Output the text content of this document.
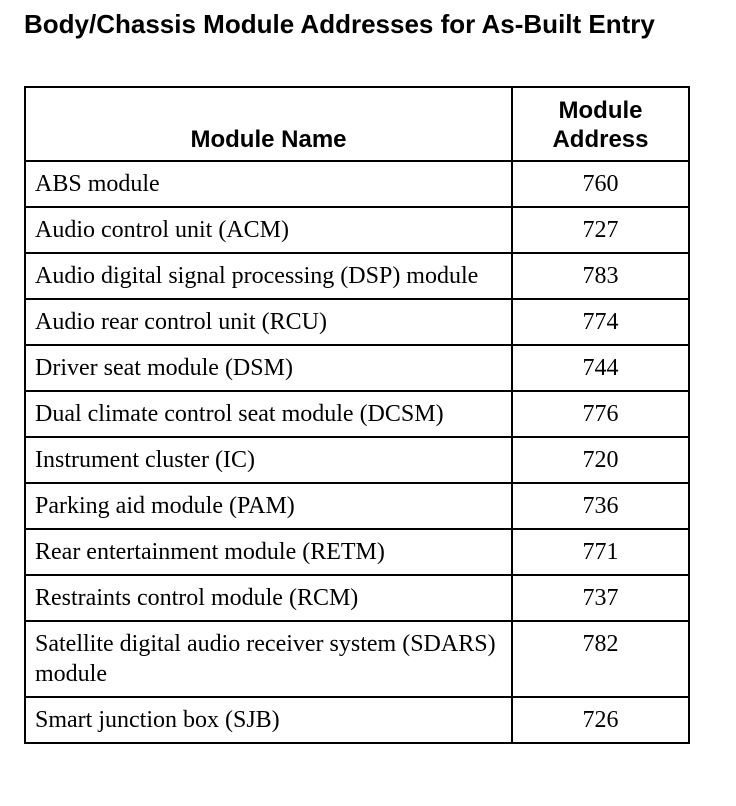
Body/Chassis Module Addresses for As-Built Entry
Module Name	Module
Address
ABS module	760
Audio control unit (ACM)	727
Audio digital signal processing (DSP) module	783
Audio rear control unit (RCU)	774
Driver seat module (DSM)	744
Dual climate control seat module (DCSM)	776
Instrument cluster (IC)	720
Parking aid module (PAM)	736
Rear entertainment module (RETM)	771
Restraints control module (RCM)	737
Satellite digital audio receiver system (SDARS) module	782
Smart junction box (SJB)	726
